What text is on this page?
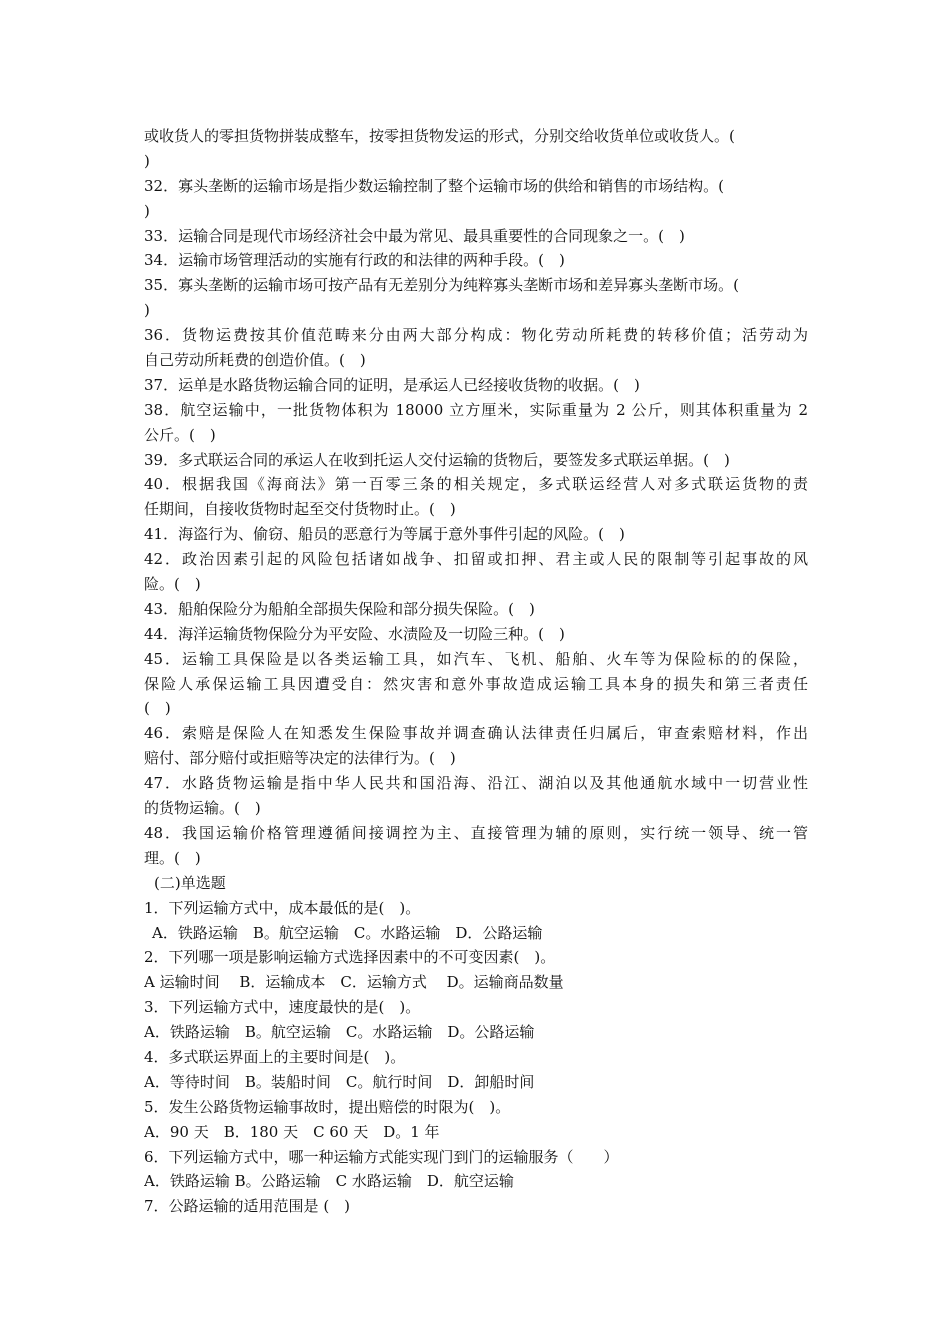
或收货人的零担货物拼装成整车，按零担货物发运的形式，分别交给收货单位或收货人。(
)
32．寡头垄断的运输市场是指少数运输控制了整个运输市场的供给和销售的市场结构。(
)
33．运输合同是现代市场经济社会中最为常见、最具重要性的合同现象之一。(　)
34．运输市场管理活动的实施有行政的和法律的两种手段。(　)
35．寡头垄断的运输市场可按产品有无差别分为纯粹寡头垄断市场和差异寡头垄断市场。(
)
36．货物运费按其价值范畴来分由两大部分构成：物化劳动所耗费的转移价值；活劳动为
自己劳动所耗费的创造价值。(　)
37．运单是水路货物运输合同的证明，是承运人已经接收货物的收据。(　)
38．航空运输中，一批货物体积为 18000 立方厘米，实际重量为 2 公斤，则其体积重量为 2
公斤。(　)
39．多式联运合同的承运人在收到托运人交付运输的货物后，要签发多式联运单据。(　)
40．根据我国《海商法》第一百零三条的相关规定，多式联运经营人对多式联运货物的责
任期间，自接收货物时起至交付货物时止。(　)
41．海盗行为、偷窃、船员的恶意行为等属于意外事件引起的风险。(　)
42．政治因素引起的风险包括诸如战争、扣留或扣押、君主或人民的限制等引起事故的风
险。(　)
43．船舶保险分为船舶全部损失保险和部分损失保险。(　)
44．海洋运输货物保险分为平安险、水渍险及一切险三种。(　)
45．运输工具保险是以各类运输工具，如汽车、飞机、船舶、火车等为保险标的的保险，
保险人承保运输工具因遭受自：然灾害和意外事故造成运输工具本身的损失和第三者责任
(　)
46．索赔是保险人在知悉发生保险事故并调查确认法律责任归属后，审查索赔材料，作出
赔付、部分赔付或拒赔等决定的法律行为。(　)
47．水路货物运输是指中华人民共和国沿海、沿江、湖泊以及其他通航水域中一切营业性
的货物运输。(　)
48．我国运输价格管理遵循间接调控为主、直接管理为辅的原则，实行统一领导、统一管
理。(　)
(二)单选题
1．下列运输方式中，成本最低的是(　)。
A．铁路运输　B。航空运输　C。水路运输　D．公路运输
2．下列哪一项是影响运输方式选择因素中的不可变因素(　)。
A 运输时间　 B．运输成本　C．运输方式　 D。运输商品数量
3．下列运输方式中，速度最快的是(　)。
A．铁路运输　B。航空运输　C。水路运输　D。公路运输
4．多式联运界面上的主要时间是(　)。
A．等待时间　B。装船时间　C。航行时间　D．卸船时间
5．发生公路货物运输事故时，提出赔偿的时限为(　)。
A．90 天　B．180 天　C 60 天　D。1 年
6．下列运输方式中，哪一种运输方式能实现门到门的运输服务（　　）
A．铁路运输 B。公路运输　C 水路运输　D．航空运输
7．公路运输的适用范围是 (　)
